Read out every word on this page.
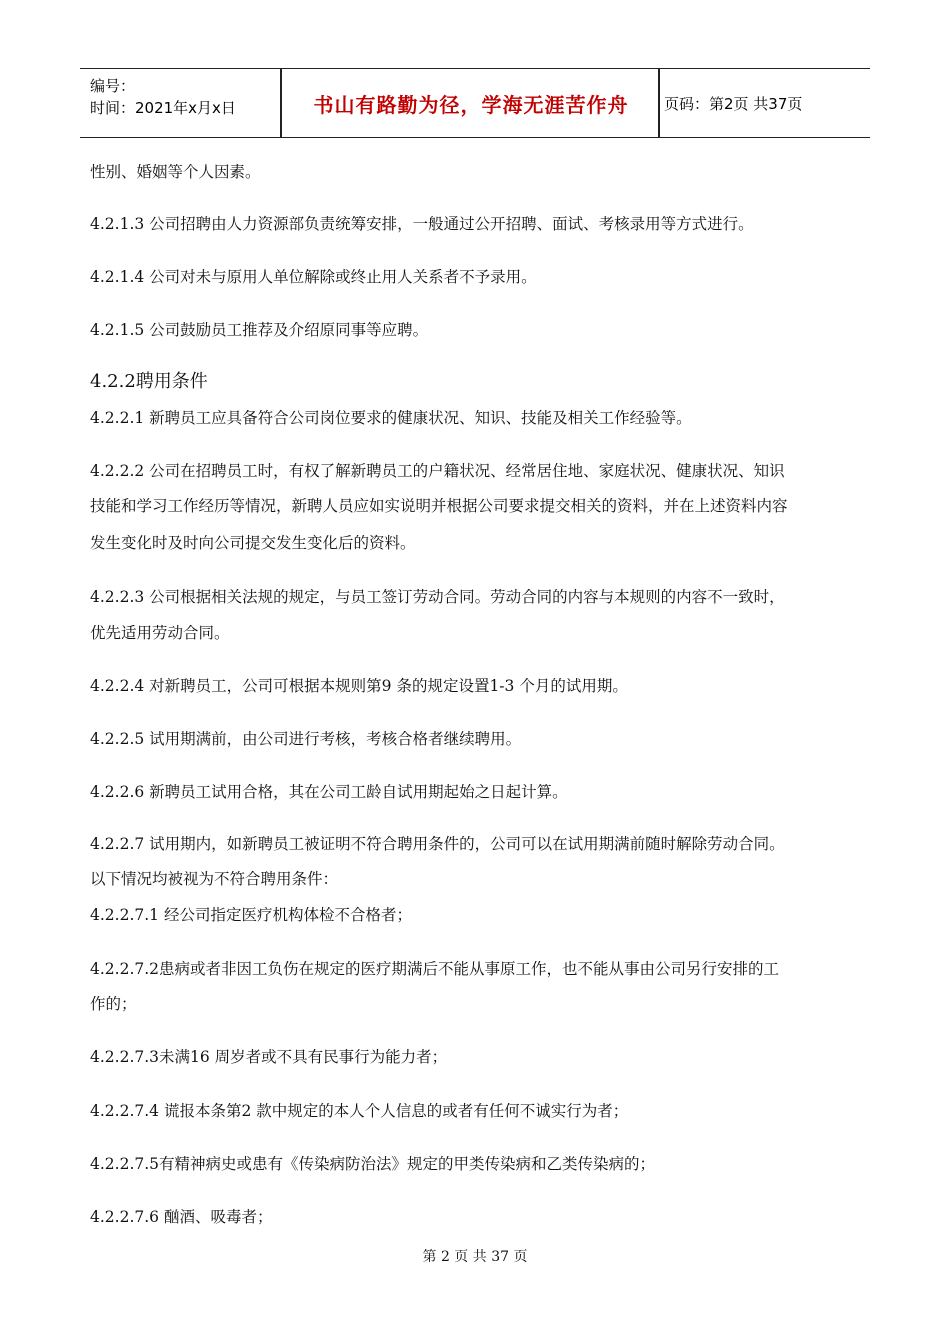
编号：
时间：2021年x月x日	书山有路勤为径，学海无涯苦作舟	页码：第2页 共37页
性别、婚姻等个人因素。
4.2.1.3 公司招聘由人力资源部负责统筹安排，一般通过公开招聘、面试、考核录用等方式进行。
4.2.1.4 公司对未与原用人单位解除或终止用人关系者不予录用。
4.2.1.5 公司鼓励员工推荐及介绍原同事等应聘。
4.2.2聘用条件
4.2.2.1 新聘员工应具备符合公司岗位要求的健康状况、知识、技能及相关工作经验等。
4.2.2.2 公司在招聘员工时，有权了解新聘员工的户籍状况、经常居住地、家庭状况、健康状况、知识
技能和学习工作经历等情况，新聘人员应如实说明并根据公司要求提交相关的资料，并在上述资料内容
发生变化时及时向公司提交发生变化后的资料。
4.2.2.3 公司根据相关法规的规定，与员工签订劳动合同。劳动合同的内容与本规则的内容不一致时，
优先适用劳动合同。
4.2.2.4 对新聘员工，公司可根据本规则第9 条的规定设置1-3 个月的试用期。
4.2.2.5 试用期满前，由公司进行考核，考核合格者继续聘用。
4.2.2.6 新聘员工试用合格，其在公司工龄自试用期起始之日起计算。
4.2.2.7 试用期内，如新聘员工被证明不符合聘用条件的，公司可以在试用期满前随时解除劳动合同。
以下情况均被视为不符合聘用条件：
4.2.2.7.1 经公司指定医疗机构体检不合格者；
4.2.2.7.2患病或者非因工负伤在规定的医疗期满后不能从事原工作，也不能从事由公司另行安排的工
作的；
4.2.2.7.3未满16 周岁者或不具有民事行为能力者；
4.2.2.7.4 谎报本条第2 款中规定的本人个人信息的或者有任何不诚实行为者；
4.2.2.7.5有精神病史或患有《传染病防治法》规定的甲类传染病和乙类传染病的；
4.2.2.7.6 酗酒、吸毒者；
第 2 页 共 37 页
